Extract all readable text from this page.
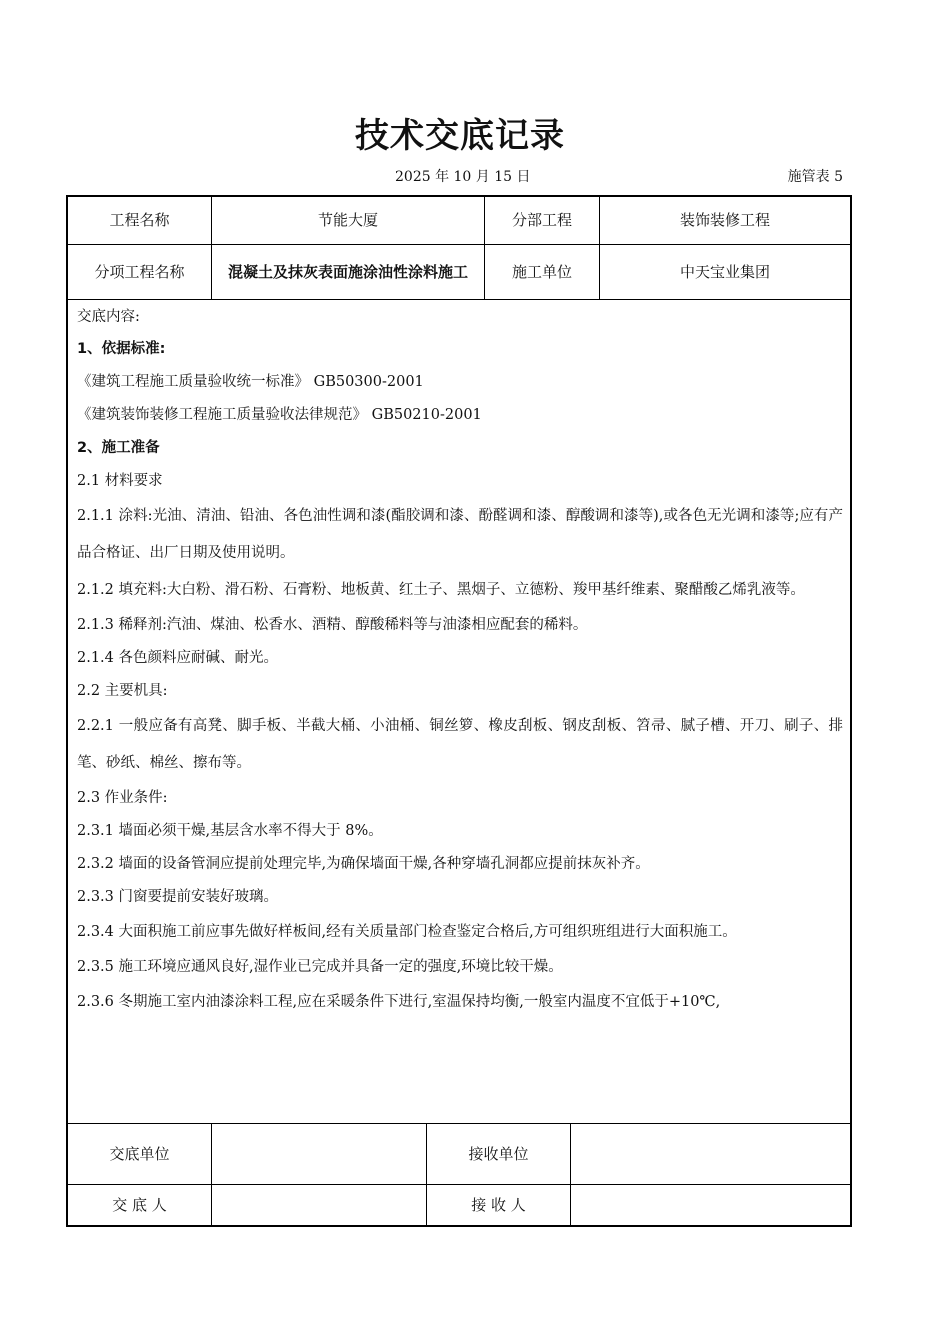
技术交底记录
2025 年 10 月 15 日	施管表 5
工程名称	节能大厦	分部工程	装饰装修工程
分项工程名称	混凝土及抹灰表面施涂油性涂料施工	施工单位	中天宝业集团

交底内容:

1、依据标准:

《建筑工程施工质量验收统一标准》 GB50300-2001

《建筑装饰装修工程施工质量验收法律规范》 GB50210-2001

2、施工准备

2.1 材料要求

2.1.1 涂料:光油、清油、铅油、各色油性调和漆(酯胶调和漆、酚醛调和漆、醇酸调和漆等),或各色无光调和漆等;应有产品合格证、出厂日期及使用说明。

2.1.2 填充料:大白粉、滑石粉、石膏粉、地板黄、红土子、黑烟子、立德粉、羧甲基纤维素、聚醋酸乙烯乳液等。

2.1.3 稀释剂:汽油、煤油、松香水、酒精、醇酸稀料等与油漆相应配套的稀料。

2.1.4 各色颜料应耐碱、耐光。

2.2 主要机具:

2.2.1 一般应备有高凳、脚手板、半截大桶、小油桶、铜丝箩、橡皮刮板、钢皮刮板、笤帚、腻子槽、开刀、刷子、排笔、砂纸、棉丝、擦布等。

2.3 作业条件:

2.3.1 墙面必须干燥,基层含水率不得大于 8%。

2.3.2 墙面的设备管洞应提前处理完毕,为确保墙面干燥,各种穿墙孔洞都应提前抹灰补齐。

2.3.3 门窗要提前安装好玻璃。

2.3.4 大面积施工前应事先做好样板间,经有关质量部门检查鉴定合格后,方可组织班组进行大面积施工。

2.3.5 施工环境应通风良好,湿作业已完成并具备一定的强度,环境比较干燥。

2.3.6 冬期施工室内油漆涂料工程,应在采暖条件下进行,室温保持均衡,一般室内温度不宜低于+10℃,

交底单位	接收单位
交 底 人	接 收 人
